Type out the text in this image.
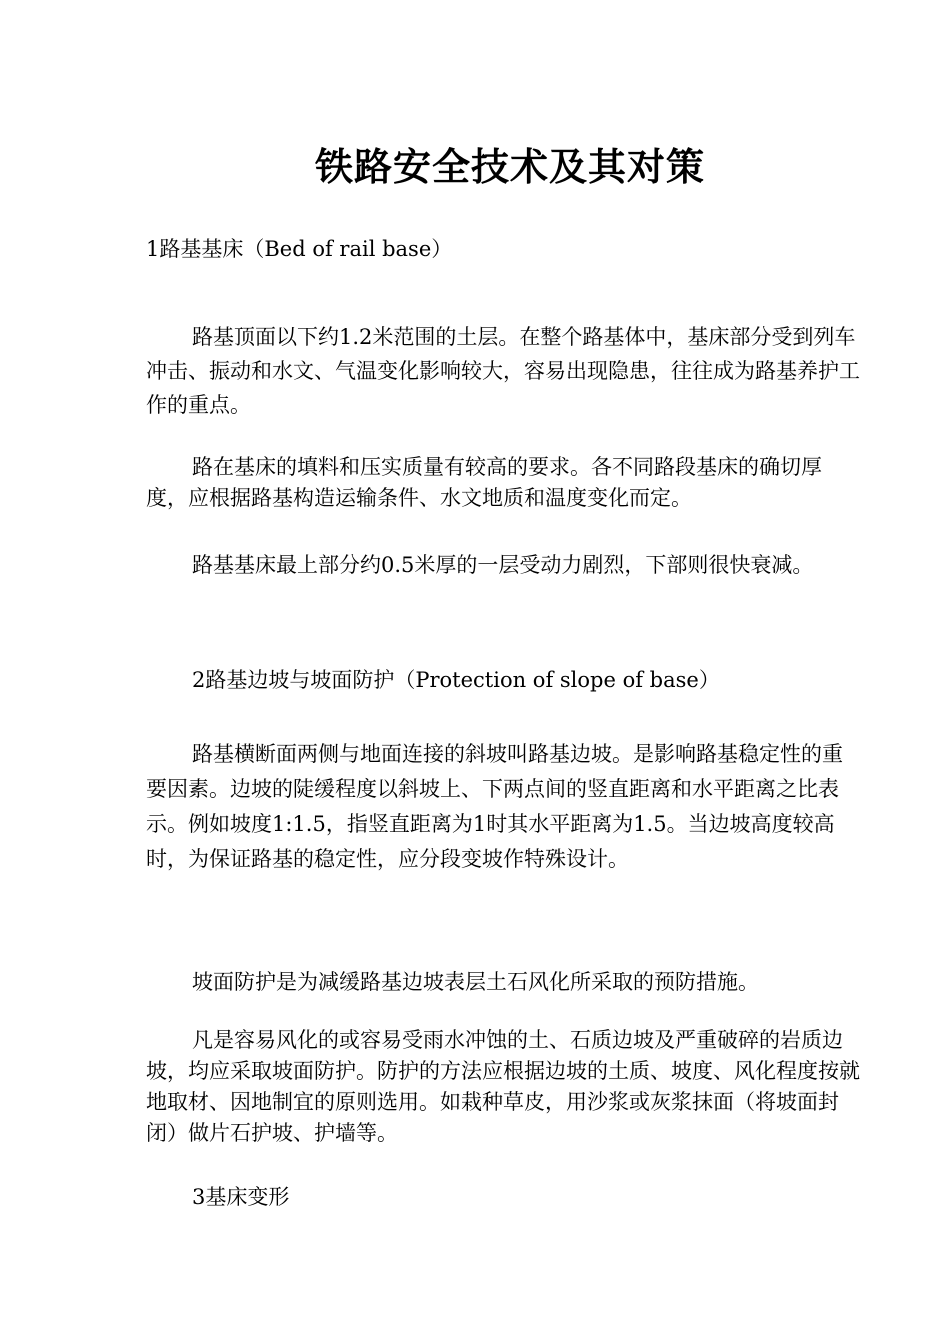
铁路安全技术及其对策

1路基基床（Bed of rail base）

路基顶面以下约1.2米范围的土层。在整个路基体中，基床部分受到列车冲击、振动和水文、气温变化影响较大，容易出现隐患，往往成为路基养护工作的重点。

路在基床的填料和压实质量有较高的要求。各不同路段基床的确切厚度，应根据路基构造运输条件、水文地质和温度变化而定。

路基基床最上部分约0.5米厚的一层受动力剧烈，下部则很快衰减。

2路基边坡与坡面防护（Protection of slope of base）

路基横断面两侧与地面连接的斜坡叫路基边坡。是影响路基稳定性的重要因素。边坡的陡缓程度以斜坡上、下两点间的竖直距离和水平距离之比表示。例如坡度1:1.5，指竖直距离为1时其水平距离为1.5。当边坡高度较高时，为保证路基的稳定性，应分段变坡作特殊设计。

坡面防护是为减缓路基边坡表层土石风化所采取的预防措施。

凡是容易风化的或容易受雨水冲蚀的土、石质边坡及严重破碎的岩质边坡，均应采取坡面防护。防护的方法应根据边坡的土质、坡度、风化程度按就地取材、因地制宜的原则选用。如栽种草皮，用沙浆或灰浆抹面（将坡面封闭）做片石护坡、护墙等。

3基床变形
